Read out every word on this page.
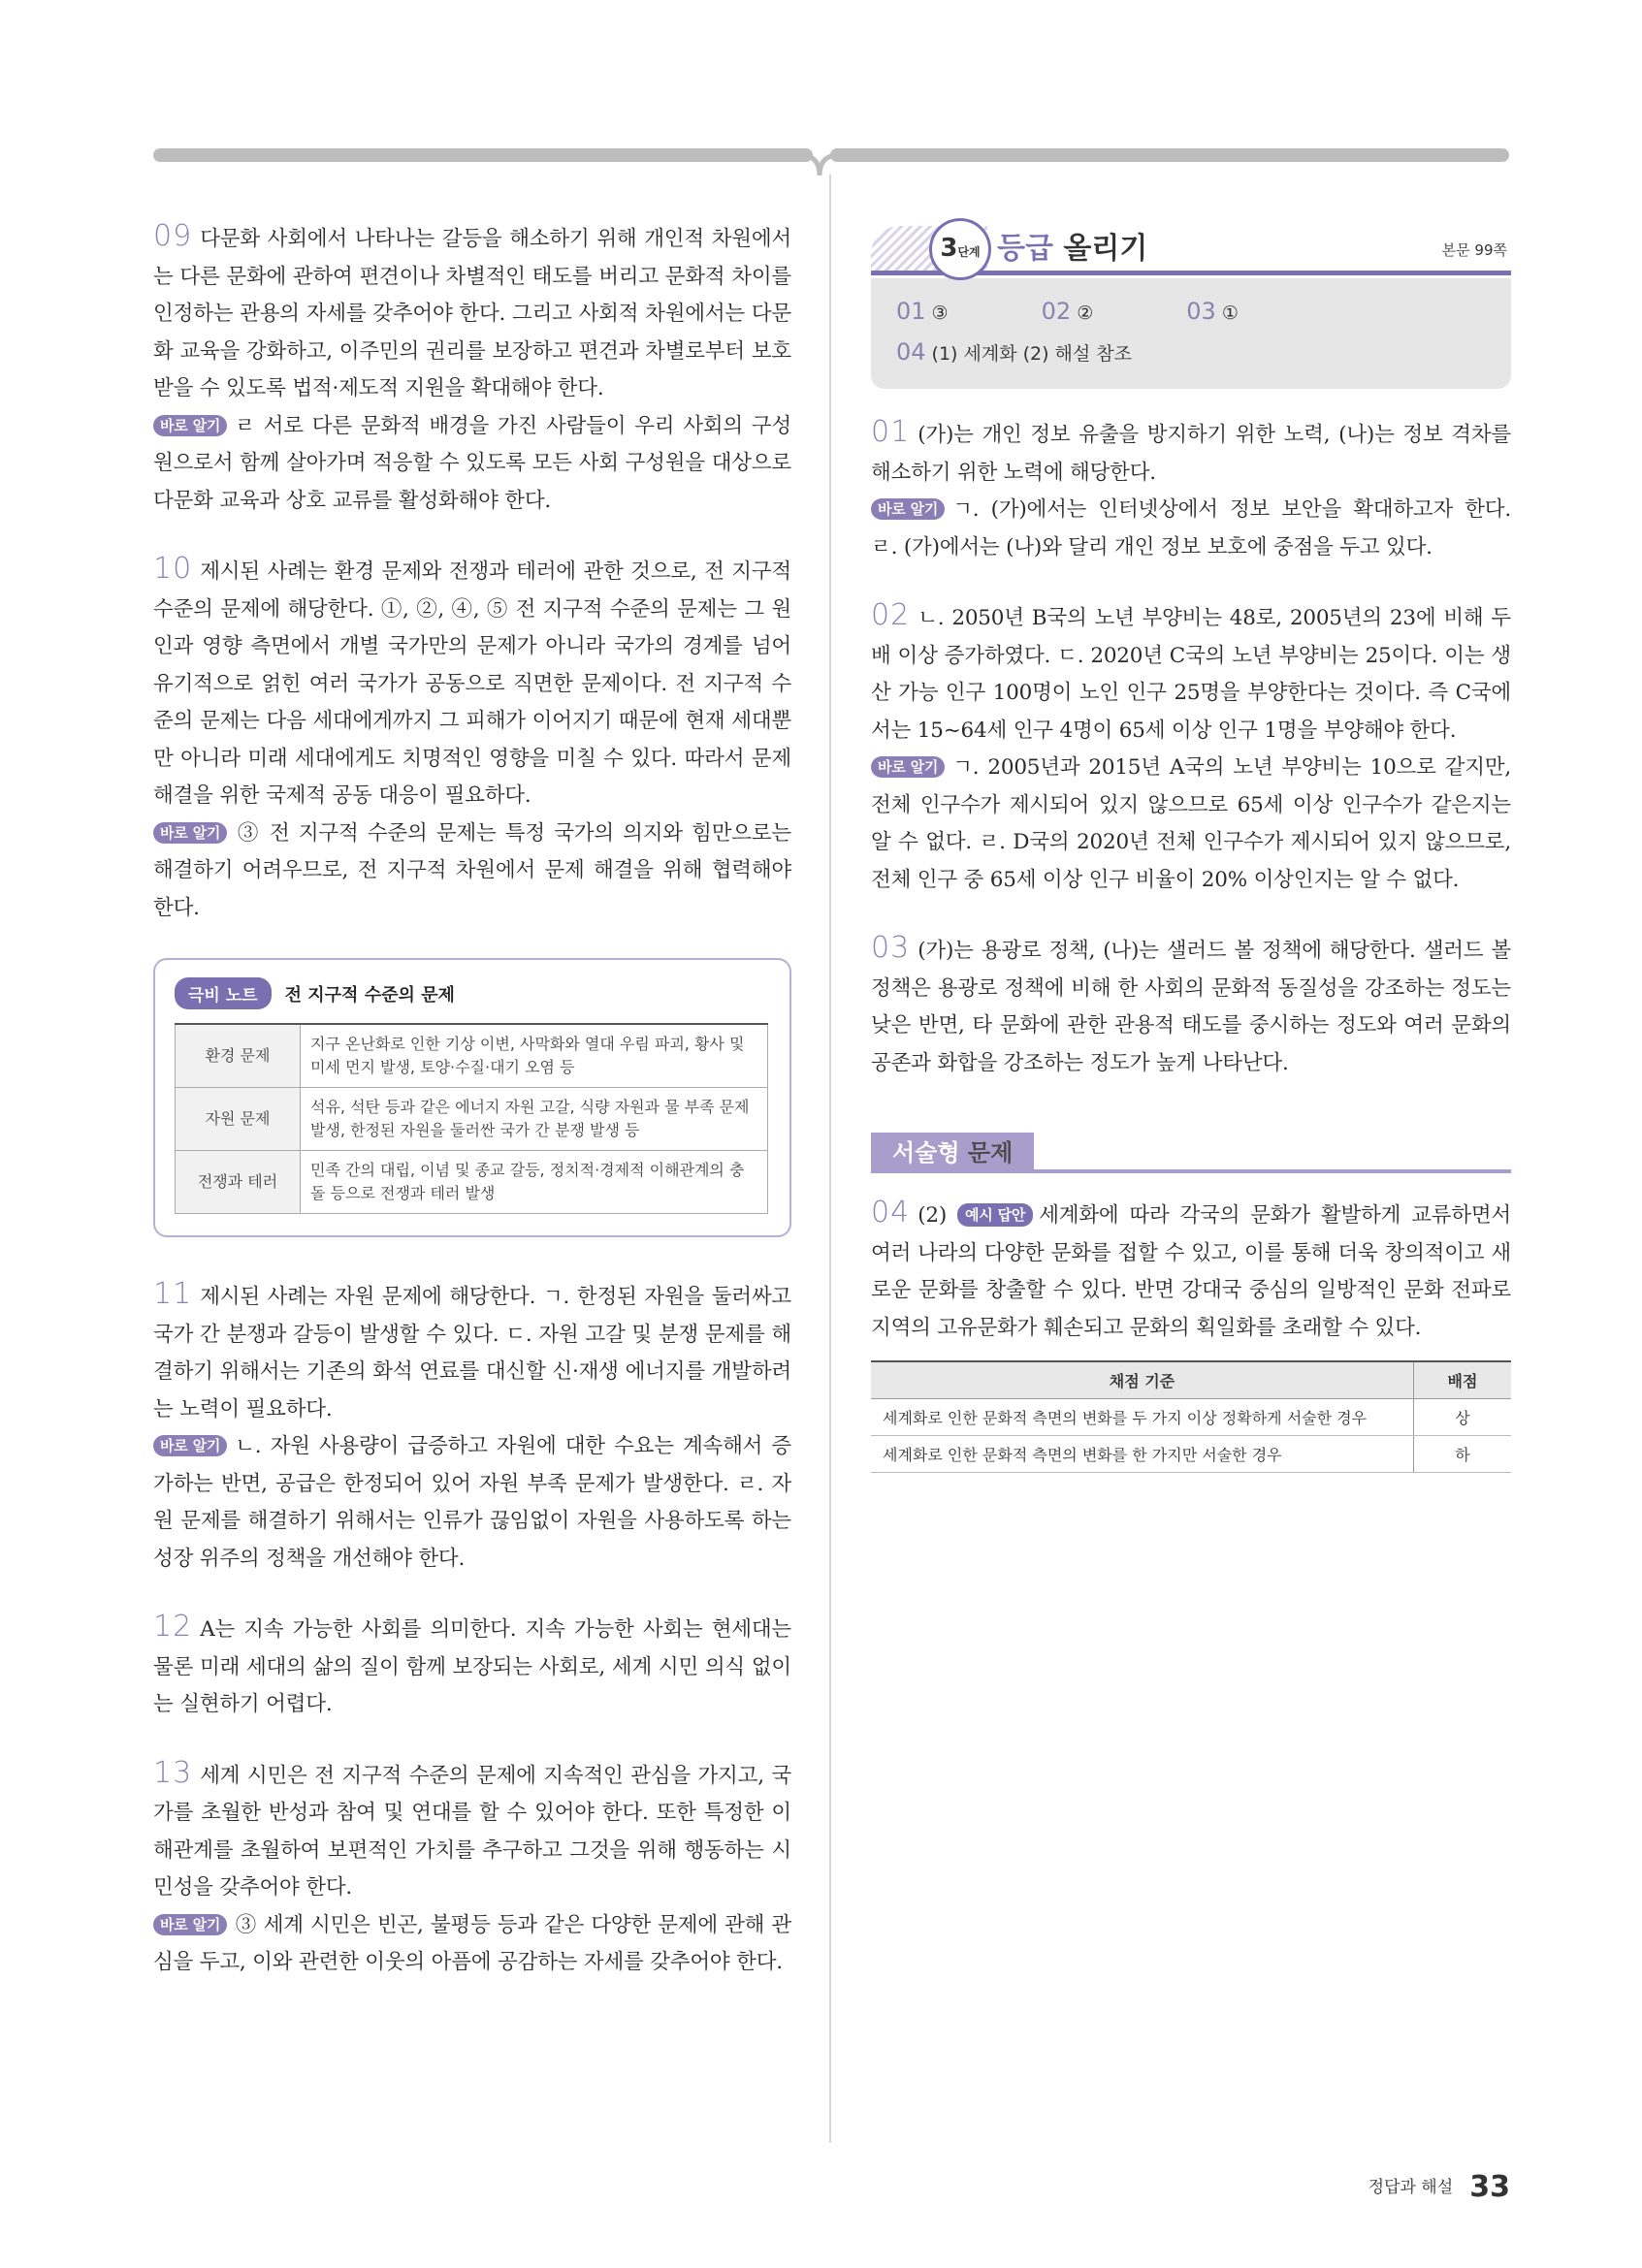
09 다문화 사회에서 나타나는 갈등을 해소하기 위해 개인적 차원에서는 다른 문화에 관하여 편견이나 차별적인 태도를 버리고 문화적 차이를 인정하는 관용의 자세를 갖추어야 한다. 그리고 사회적 차원에서는 다문화 교육을 강화하고, 이주민의 권리를 보장하고 편견과 차별로부터 보호받을 수 있도록 법적·제도적 지원을 확대해야 한다.

바로 알기 ㄹ 서로 다른 문화적 배경을 가진 사람들이 우리 사회의 구성원으로서 함께 살아가며 적응할 수 있도록 모든 사회 구성원을 대상으로 다문화 교육과 상호 교류를 활성화해야 한다.

10 제시된 사례는 환경 문제와 전쟁과 테러에 관한 것으로, 전 지구적 수준의 문제에 해당한다. ①, ②, ④, ⑤ 전 지구적 수준의 문제는 그 원인과 영향 측면에서 개별 국가만의 문제가 아니라 국가의 경계를 넘어 유기적으로 얽힌 여러 국가가 공동으로 직면한 문제이다. 전 지구적 수준의 문제는 다음 세대에게까지 그 피해가 이어지기 때문에 현재 세대뿐만 아니라 미래 세대에게도 치명적인 영향을 미칠 수 있다. 따라서 문제 해결을 위한 국제적 공동 대응이 필요하다.

바로 알기 ③ 전 지구적 수준의 문제는 특정 국가의 의지와 힘만으로는 해결하기 어려우므로, 전 지구적 차원에서 문제 해결을 위해 협력해야 한다.

극비 노트	전 지구적 수준의 문제
환경 문제	지구 온난화로 인한 기상 이변, 사막화와 열대 우림 파괴, 황사 및 미세 먼지 발생, 토양·수질·대기 오염 등
자원 문제	석유, 석탄 등과 같은 에너지 자원 고갈, 식량 자원과 물 부족 문제 발생, 한정된 자원을 둘러싼 국가 간 분쟁 발생 등
전쟁과 테러	민족 간의 대립, 이념 및 종교 갈등, 정치적·경제적 이해관계의 충돌 등으로 전쟁과 테러 발생

11 제시된 사례는 자원 문제에 해당한다. ㄱ. 한정된 자원을 둘러싸고 국가 간 분쟁과 갈등이 발생할 수 있다. ㄷ. 자원 고갈 및 분쟁 문제를 해결하기 위해서는 기존의 화석 연료를 대신할 신·재생 에너지를 개발하려는 노력이 필요하다.

바로 알기 ㄴ. 자원 사용량이 급증하고 자원에 대한 수요는 계속해서 증가하는 반면, 공급은 한정되어 있어 자원 부족 문제가 발생한다. ㄹ. 자원 문제를 해결하기 위해서는 인류가 끊임없이 자원을 사용하도록 하는 성장 위주의 정책을 개선해야 한다.

12 A는 지속 가능한 사회를 의미한다. 지속 가능한 사회는 현세대는 물론 미래 세대의 삶의 질이 함께 보장되는 사회로, 세계 시민 의식 없이는 실현하기 어렵다.

13 세계 시민은 전 지구적 수준의 문제에 지속적인 관심을 가지고, 국가를 초월한 반성과 참여 및 연대를 할 수 있어야 한다. 또한 특정한 이해관계를 초월하여 보편적인 가치를 추구하고 그것을 위해 행동하는 시민성을 갖추어야 한다.

바로 알기 ③ 세계 시민은 빈곤, 불평등 등과 같은 다양한 문제에 관해 관심을 두고, 이와 관련한 이웃의 아픔에 공감하는 자세를 갖추어야 한다.

3단계 등급 올리기	본문 99쪽
01 ③	02 ②	03 ① 04 (1) 세계화 (2) 해설 참조

01 (가)는 개인 정보 유출을 방지하기 위한 노력, (나)는 정보 격차를 해소하기 위한 노력에 해당한다.

바로 알기 ㄱ. (가)에서는 인터넷상에서 정보 보안을 확대하고자 한다. ㄹ. (가)에서는 (나)와 달리 개인 정보 보호에 중점을 두고 있다.

02 ㄴ. 2050년 B국의 노년 부양비는 48로, 2005년의 23에 비해 두 배 이상 증가하였다. ㄷ. 2020년 C국의 노년 부양비는 25이다. 이는 생산 가능 인구 100명이 노인 인구 25명을 부양한다는 것이다. 즉 C국에서는 15~64세 인구 4명이 65세 이상 인구 1명을 부양해야 한다.

바로 알기 ㄱ. 2005년과 2015년 A국의 노년 부양비는 10으로 같지만, 전체 인구수가 제시되어 있지 않으므로 65세 이상 인구수가 같은지는 알 수 없다. ㄹ. D국의 2020년 전체 인구수가 제시되어 있지 않으므로, 전체 인구 중 65세 이상 인구 비율이 20% 이상인지는 알 수 없다.

03 (가)는 용광로 정책, (나)는 샐러드 볼 정책에 해당한다. 샐러드 볼 정책은 용광로 정책에 비해 한 사회의 문화적 동질성을 강조하는 정도는 낮은 반면, 타 문화에 관한 관용적 태도를 중시하는 정도와 여러 문화의 공존과 화합을 강조하는 정도가 높게 나타난다.

서술형 문제

04 (2) 예시 답안 세계화에 따라 각국의 문화가 활발하게 교류하면서 여러 나라의 다양한 문화를 접할 수 있고, 이를 통해 더욱 창의적이고 새로운 문화를 창출할 수 있다. 반면 강대국 중심의 일방적인 문화 전파로 지역의 고유문화가 훼손되고 문화의 획일화를 초래할 수 있다.

채점 기준	배점
세계화로 인한 문화적 측면의 변화를 두 가지 이상 정확하게 서술한 경우	상
세계화로 인한 문화적 측면의 변화를 한 가지만 서술한 경우	하
정답과 해설 33
